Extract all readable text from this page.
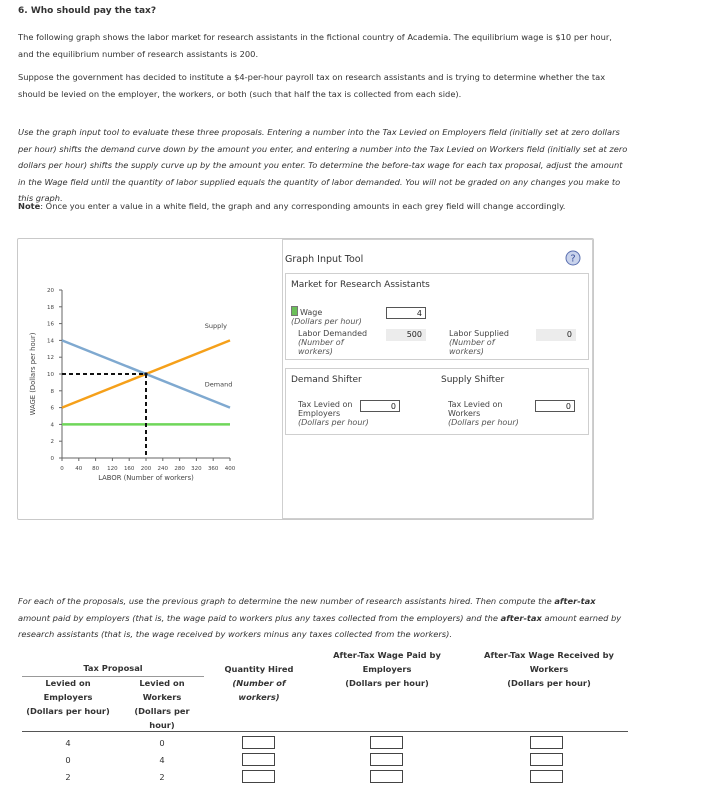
6. Who should pay the tax?

The following graph shows the labor market for research assistants in the fictional country of Academia. The equilibrium wage is $10 per hour, and the equilibrium number of research assistants is 200.

Suppose the government has decided to institute a $4-per-hour payroll tax on research assistants and is trying to determine whether the tax should be levied on the employer, the workers, or both (such that half the tax is collected from each side).

Use the graph input tool to evaluate these three proposals. Entering a number into the Tax Levied on Employers field (initially set at zero dollars per hour) shifts the demand curve down by the amount you enter, and entering a number into the Tax Levied on Workers field (initially set at zero dollars per hour) shifts the supply curve up by the amount you enter. To determine the before-tax wage for each tax proposal, adjust the amount in the Wage field until the quantity of labor supplied equals the quantity of labor demanded. You will not be graded on any changes you make to this graph.

Note: Once you enter a value in a white field, the graph and any corresponding amounts in each grey field will change accordingly.

0
2
4
6
8
10
12
14
16
18
20
0 40 80 120 160 200 240 280 320 360 400
LABOR (Number of workers)
WAGE (Dollars per hour)
Supply
Demand
Graph Input Tool	?
Market for Research Assistants
Wage
(Dollars per hour)
4
Labor Demanded
(Number of
workers)
500	Labor Supplied
(Number of
workers)
0
Demand Shifter	Supply Shifter
Tax Levied on
Employers
(Dollars per hour)
0
Tax Levied on
Workers
(Dollars per hour)
0

For each of the proposals, use the previous graph to determine the new number of research assistants hired. Then compute the after-tax amount paid by employers (that is, the wage paid to workers plus any taxes collected from the employers) and the after-tax amount earned by research assistants (that is, the wage received by workers minus any taxes collected from the workers).

Tax Proposal
Levied on
Employers
(Dollars per hour)
Levied on
Workers
(Dollars per
hour)
Quantity Hired
(Number of
workers)
After-Tax Wage Paid by
Employers
(Dollars per hour)
After-Tax Wage Received by
Workers
(Dollars per hour)
4	0
0	4
2	2
